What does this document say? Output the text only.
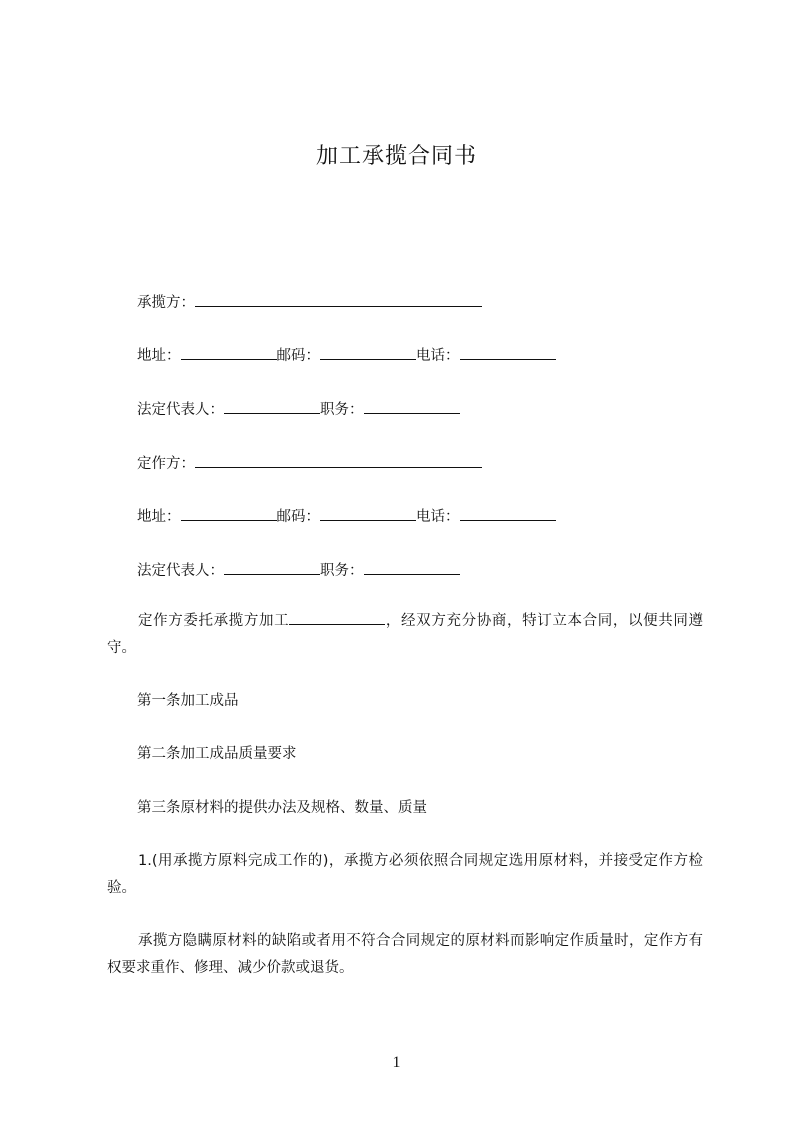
加工承揽合同书
承揽方：
地址：	邮码：	电话：
法定代表人：	职务：
定作方：
地址：	邮码：	电话：
法定代表人：	职务：
定作方委托承揽方加工	，经双方充分协商，特订立本合同，以便共同遵守。
第一条加工成品
第二条加工成品质量要求
第三条原材料的提供办法及规格、数量、质量
1.(用承揽方原料完成工作的)，承揽方必须依照合同规定选用原材料，并接受定作方检验。
承揽方隐瞒原材料的缺陷或者用不符合合同规定的原材料而影响定作质量时，定作方有权要求重作、修理、减少价款或退货。
1
